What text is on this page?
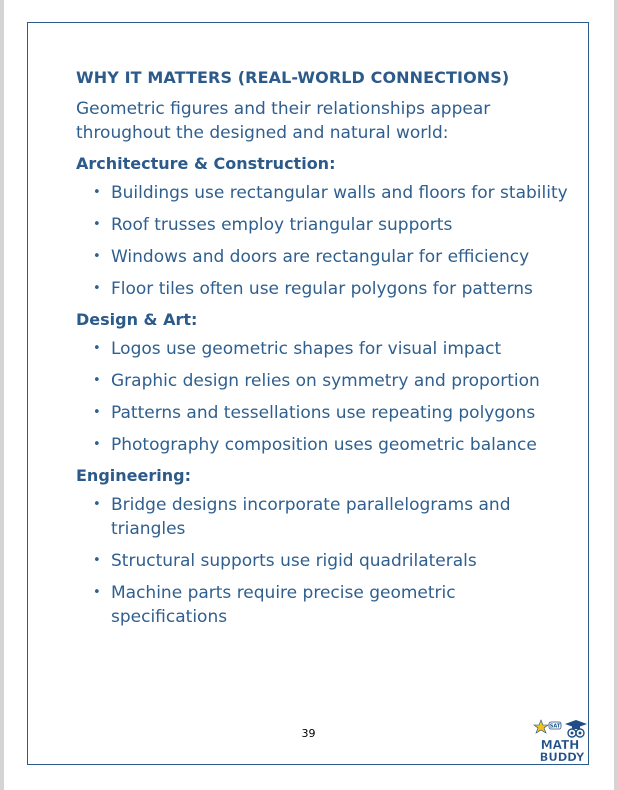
WHY IT MATTERS (REAL-WORLD CONNECTIONS)

Geometric figures and their relationships appear throughout the designed and natural world:

Architecture & Construction:
• Buildings use rectangular walls and floors for stability
• Roof trusses employ triangular supports
• Windows and doors are rectangular for efficiency
• Floor tiles often use regular polygons for patterns
Design & Art:
• Logos use geometric shapes for visual impact
• Graphic design relies on symmetry and proportion
• Patterns and tessellations use repeating polygons
• Photography composition uses geometric balance
Engineering:
• Bridge designs incorporate parallelograms and triangles
• Structural supports use rigid quadrilaterals
• Machine parts require precise geometric specifications
39
SAT
MATH
BUDDY
